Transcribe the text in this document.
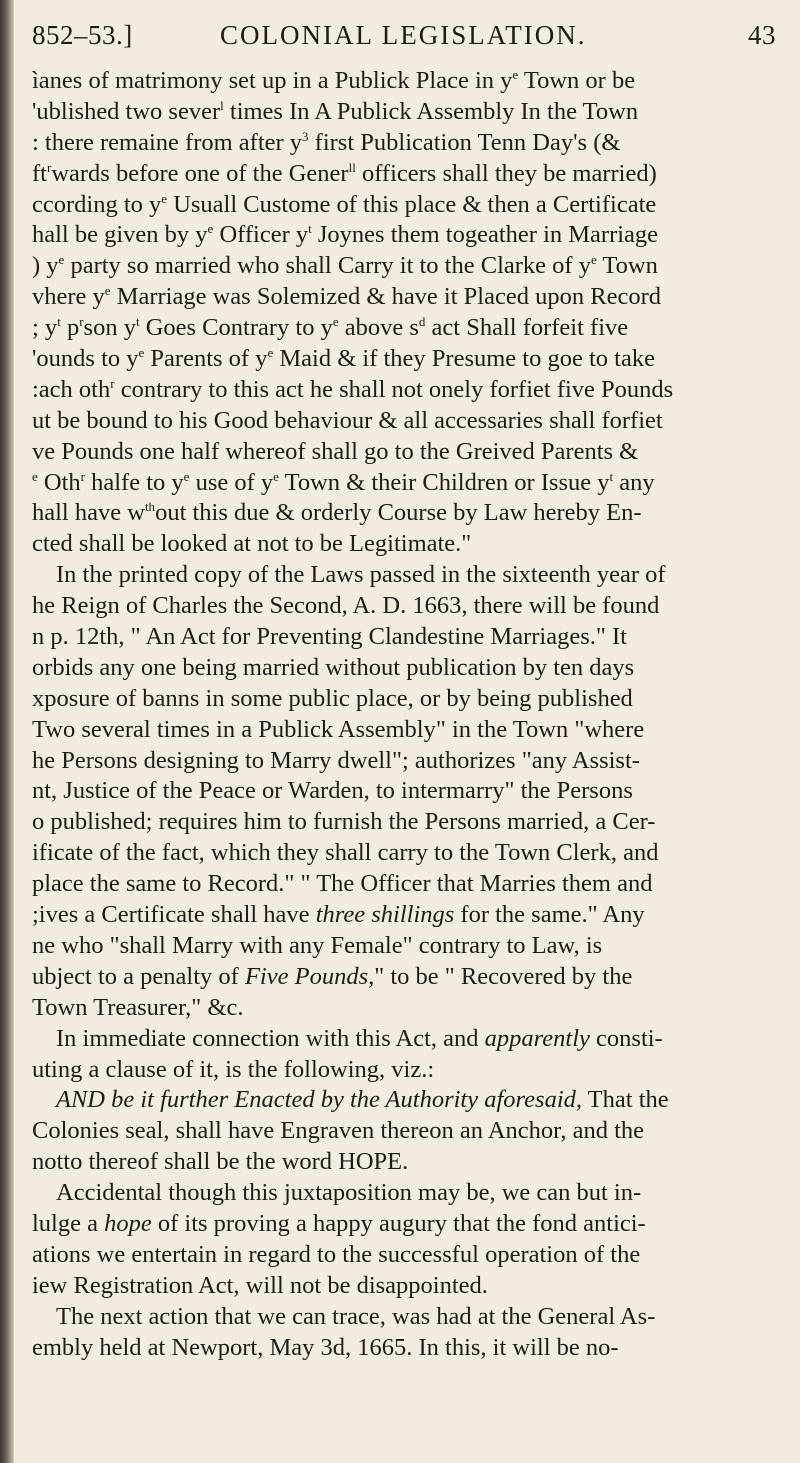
852–53.]	COLONIAL LEGISLATION.	43
ìanes of matrimony set up in a Publick Place in $y^e$ Town or be
'ublished two sever$^l$ times In A Publick Assembly In the Town
: there remaine from after $y^3$ first Publication Tenn Day's (&
$ft^rwards$ before one of the Gener$^{ll}$ officers shall they be married)
ccording to $y^e$ Usuall Custome of this place & then a Certificate
hall be given by $y^e$ Officer $y^t$ Joynes them togeather in Marriage
) $y^e$ party so married who shall Carry it to the Clarke of $y^e$ Town
vhere $y^e$ Marriage was Solemized & have it Placed upon Record
; $y^t$ $p^rson$ $y^t$ Goes Contrary to $y^e$ above $s^d$ act Shall forfeit five
'ounds to $y^e$ Parents of $y^e$ Maid & if they Presume to goe to take
:ach oth$^r$ contrary to this act he shall not onely forfiet five Pounds
ut be bound to his Good behaviour & all accessaries shall forfiet
ve Pounds one half whereof shall go to the Greived Parents &
$^e$ Oth$^r$ halfe to $y^e$ use of $y^e$ Town & their Children or Issue $y^t$ any
hall have $w^{th}out$ this due & orderly Course by Law hereby En-
cted shall be looked at not to be Legitimate."
In the printed copy of the Laws passed in the sixteenth year of
he Reign of Charles the Second, A. D. 1663, there will be found
n p. 12th, " An Act for Preventing Clandestine Marriages." It
orbids any one being married without publication by ten days
xposure of banns in some public place, or by being published
Two several times in a Publick Assembly" in the Town "where
he Persons designing to Marry dwell"; authorizes "any Assist-
nt, Justice of the Peace or Warden, to intermarry" the Persons
o published; requires him to furnish the Persons married, a Cer-
ificate of the fact, which they shall carry to the Town Clerk, and
place the same to Record." " The Officer that Marries them and
;ives a Certificate shall have three shillings for the same." Any
ne who "shall Marry with any Female" contrary to Law, is
ubject to a penalty of Five Pounds," to be " Recovered by the
Town Treasurer," &c.
In immediate connection with this Act, and apparently consti-
uting a clause of it, is the following, viz.:
AND be it further Enacted by the Authority aforesaid, That the
Colonies seal, shall have Engraven thereon an Anchor, and the
notto thereof shall be the word HOPE.
Accidental though this juxtaposition may be, we can but in-
lulge a hope of its proving a happy augury that the fond antici-
ations we entertain in regard to the successful operation of the
iew Registration Act, will not be disappointed.
The next action that we can trace, was had at the General As-
embly held at Newport, May 3d, 1665. In this, it will be no-
